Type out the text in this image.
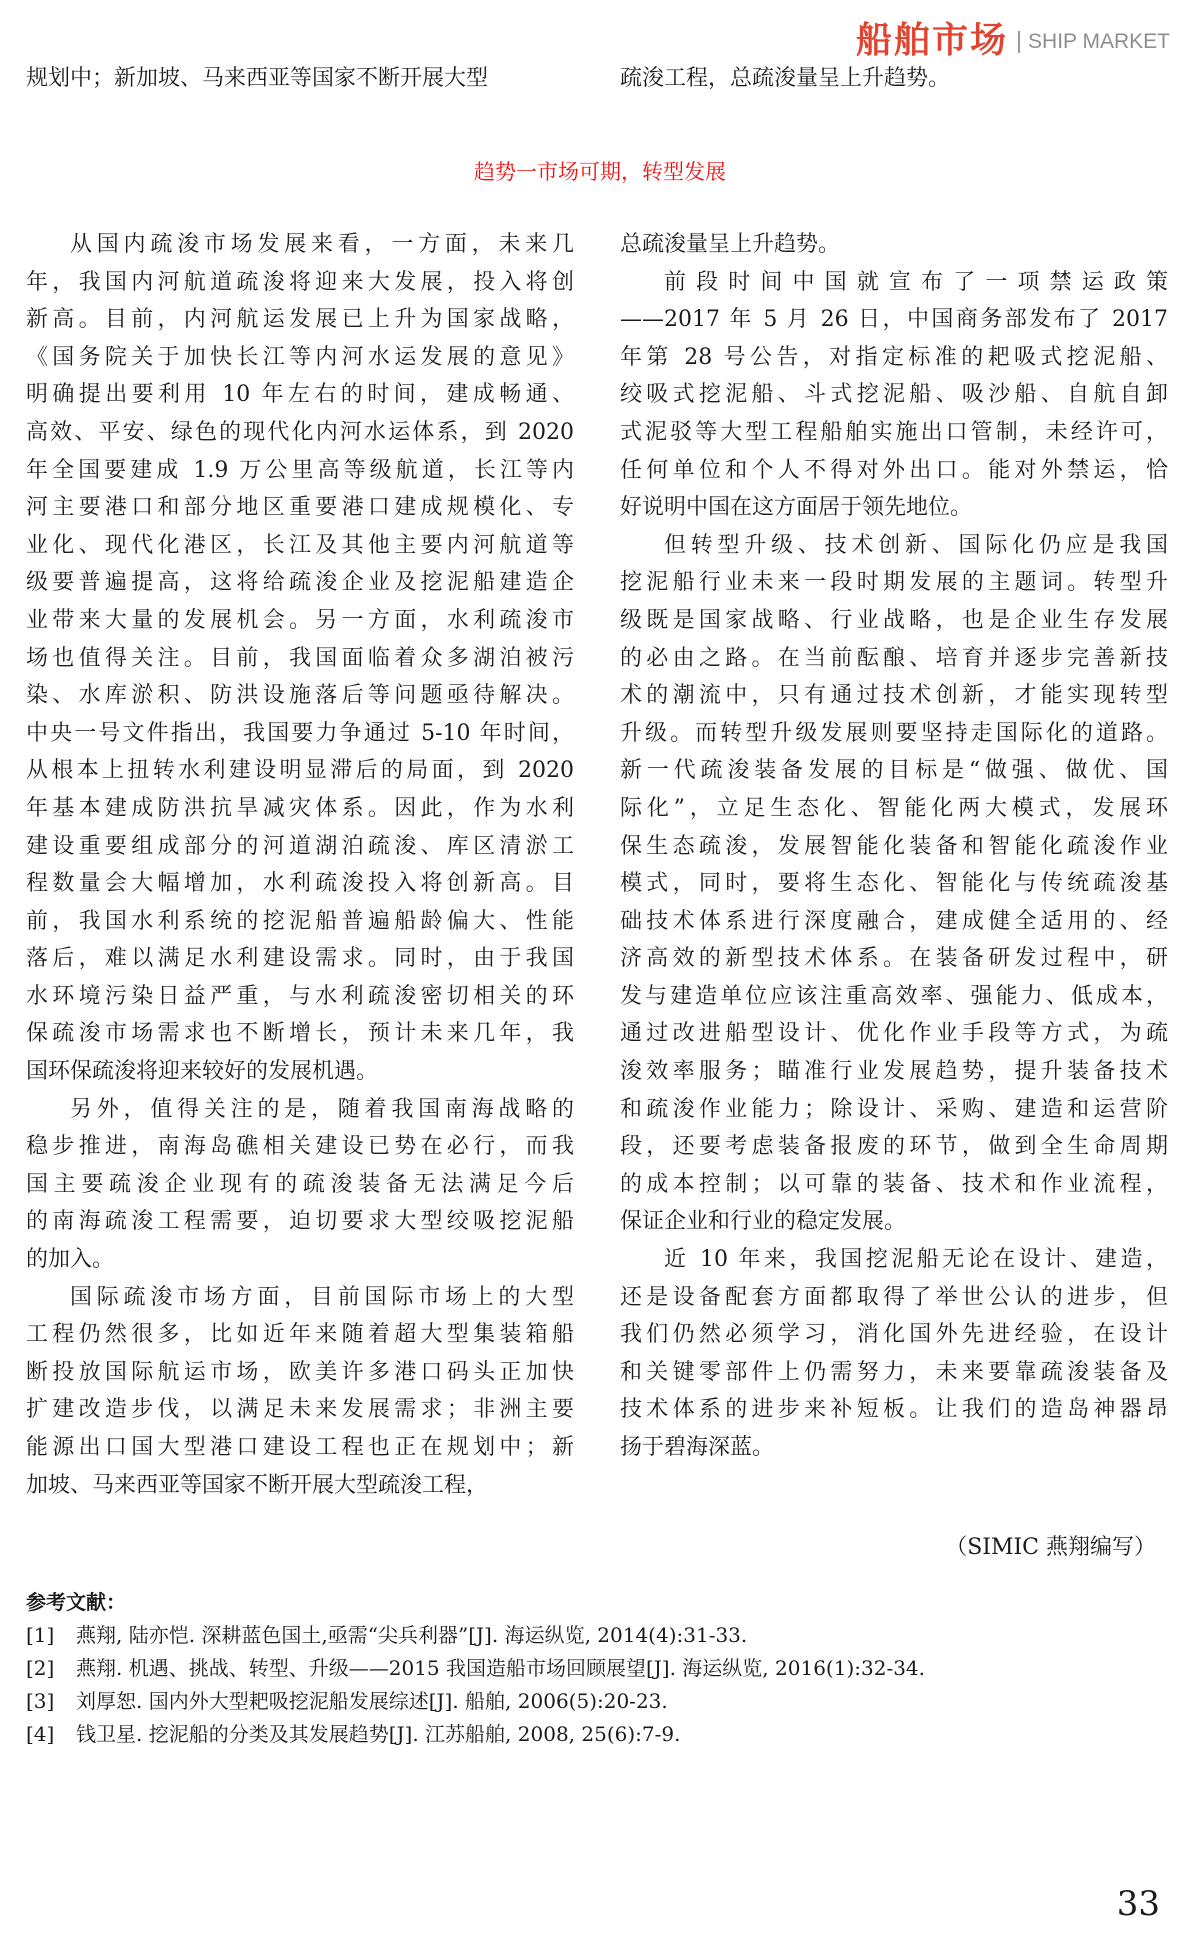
船舶市场 SHIP MARKET
规划中；新加坡、马来西亚等国家不断开展大型	疏浚工程，总疏浚量呈上升趋势。
趋势一市场可期，转型发展
从国内疏浚市场发展来看，一方面，未来几
年，我国内河航道疏浚将迎来大发展，投入将创
新高。目前，内河航运发展已上升为国家战略，
《国务院关于加快长江等内河水运发展的意见》
明确提出要利用 10 年左右的时间，建成畅通、
高效、平安、绿色的现代化内河水运体系，到 2020
年全国要建成 1.9 万公里高等级航道，长江等内
河主要港口和部分地区重要港口建成规模化、专
业化、现代化港区，长江及其他主要内河航道等
级要普遍提高，这将给疏浚企业及挖泥船建造企
业带来大量的发展机会。另一方面，水利疏浚市
场也值得关注。目前，我国面临着众多湖泊被污
染、水库淤积、防洪设施落后等问题亟待解决。
中央一号文件指出，我国要力争通过 5-10 年时间，
从根本上扭转水利建设明显滞后的局面，到 2020
年基本建成防洪抗旱减灾体系。因此，作为水利
建设重要组成部分的河道湖泊疏浚、库区清淤工
程数量会大幅增加，水利疏浚投入将创新高。目
前，我国水利系统的挖泥船普遍船龄偏大、性能
落后，难以满足水利建设需求。同时，由于我国
水环境污染日益严重，与水利疏浚密切相关的环
保疏浚市场需求也不断增长，预计未来几年，我
国环保疏浚将迎来较好的发展机遇。
另外，值得关注的是，随着我国南海战略的
稳步推进，南海岛礁相关建设已势在必行，而我
国主要疏浚企业现有的疏浚装备无法满足今后
的南海疏浚工程需要，迫切要求大型绞吸挖泥船
的加入。
国际疏浚市场方面，目前国际市场上的大型
工程仍然很多，比如近年来随着超大型集装箱船
断投放国际航运市场，欧美许多港口码头正加快
扩建改造步伐，以满足未来发展需求；非洲主要
能源出口国大型港口建设工程也正在规划中；新
加坡、马来西亚等国家不断开展大型疏浚工程，
总疏浚量呈上升趋势。
前段时间中国就宣布了一项禁运政策
——2017 年 5 月 26 日，中国商务部发布了 2017
年第 28 号公告，对指定标准的耙吸式挖泥船、
绞吸式挖泥船、斗式挖泥船、吸沙船、自航自卸
式泥驳等大型工程船舶实施出口管制，未经许可，
任何单位和个人不得对外出口。能对外禁运，恰
好说明中国在这方面居于领先地位。
但转型升级、技术创新、国际化仍应是我国
挖泥船行业未来一段时期发展的主题词。转型升
级既是国家战略、行业战略，也是企业生存发展
的必由之路。在当前酝酿、培育并逐步完善新技
术的潮流中，只有通过技术创新，才能实现转型
升级。而转型升级发展则要坚持走国际化的道路。
新一代疏浚装备发展的目标是“做强、做优、国
际化”，立足生态化、智能化两大模式，发展环
保生态疏浚，发展智能化装备和智能化疏浚作业
模式，同时，要将生态化、智能化与传统疏浚基
础技术体系进行深度融合，建成健全适用的、经
济高效的新型技术体系。在装备研发过程中，研
发与建造单位应该注重高效率、强能力、低成本，
通过改进船型设计、优化作业手段等方式，为疏
浚效率服务；瞄准行业发展趋势，提升装备技术
和疏浚作业能力；除设计、采购、建造和运营阶
段，还要考虑装备报废的环节，做到全生命周期
的成本控制；以可靠的装备、技术和作业流程，
保证企业和行业的稳定发展。
近 10 年来，我国挖泥船无论在设计、建造，
还是设备配套方面都取得了举世公认的进步，但
我们仍然必须学习，消化国外先进经验，在设计
和关键零部件上仍需努力，未来要靠疏浚装备及
技术体系的进步来补短板。让我们的造岛神器昂
扬于碧海深蓝。
（SIMIC 燕翔编写）
参考文献：
[1]	燕翔, 陆亦恺. 深耕蓝色国土,亟需“尖兵利器”[J]. 海运纵览, 2014(4):31-33.
[2]	燕翔. 机遇、挑战、转型、升级——2015 我国造船市场回顾展望[J]. 海运纵览, 2016(1):32-34.
[3]	刘厚恕. 国内外大型耙吸挖泥船发展综述[J]. 船舶, 2006(5):20-23.
[4]	钱卫星. 挖泥船的分类及其发展趋势[J]. 江苏船舶, 2008, 25(6):7-9.
33
